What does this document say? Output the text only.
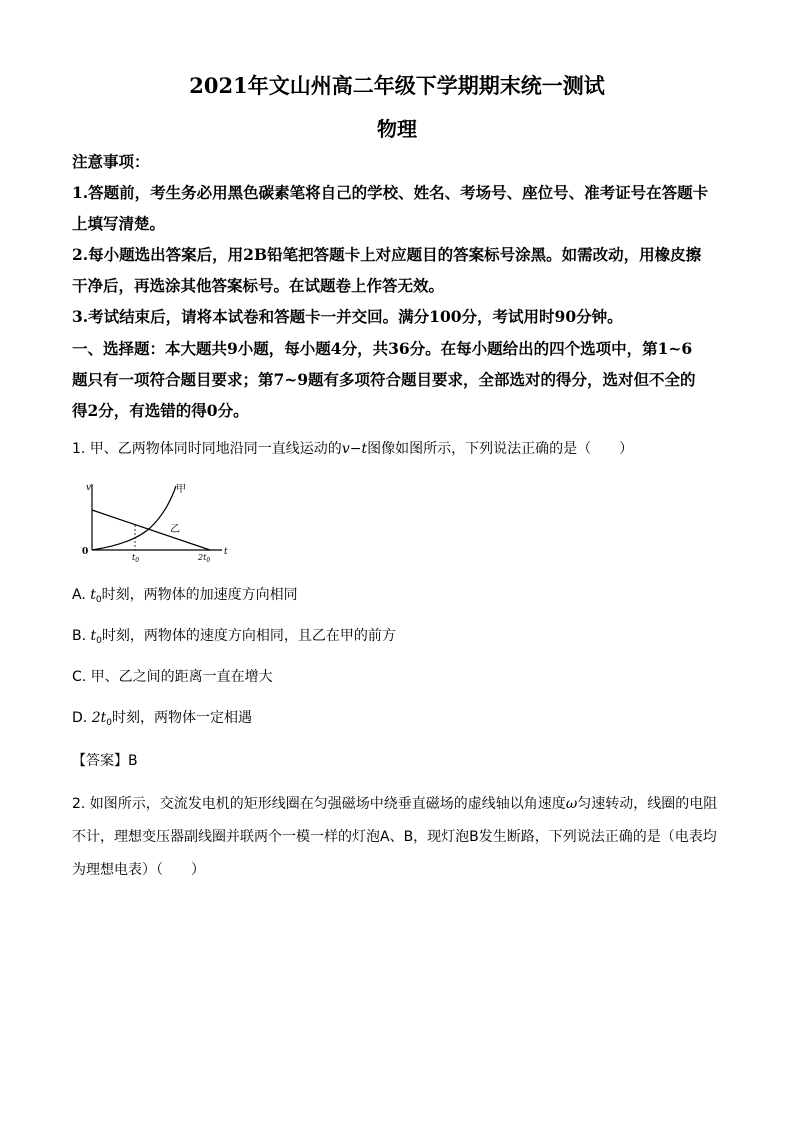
2021年文山州高二年级下学期期末统一测试
物理
注意事项：
1.答题前，考生务必用黑色碳素笔将自己的学校、姓名、考场号、座位号、准考证号在答题卡
上填写清楚。
2.每小题选出答案后，用2B铅笔把答题卡上对应题目的答案标号涂黑。如需改动，用橡皮擦
干净后，再选涂其他答案标号。在试题卷上作答无效。
3.考试结束后，请将本试卷和答题卡一并交回。满分100分，考试用时90分钟。
一、选择题：本大题共9小题，每小题4分，共36分。在每小题给出的四个选项中，第1~6
题只有一项符合题目要求；第7~9题有多项符合题目要求，全部选对的得分，选对但不全的
得2分，有选错的得0分。
1. 甲、乙两物体同时同地沿同一直线运动的v−t图像如图所示，下列说法正确的是（　　）
v
t
0
$t_0$	$2t_0$
甲
乙
A. $t_0$时刻，两物体的加速度方向相同
B. $t_0$时刻，两物体的速度方向相同，且乙在甲的前方
C. 甲、乙之间的距离一直在增大
D. $2t_0$时刻，两物体一定相遇
【答案】B
2. 如图所示，交流发电机的矩形线圈在匀强磁场中绕垂直磁场的虚线轴以角速度ω匀速转动，线圈的电阻
不计，理想变压器副线圈并联两个一模一样的灯泡A、B，现灯泡B发生断路，下列说法正确的是（电表均
为理想电表）（　　）
